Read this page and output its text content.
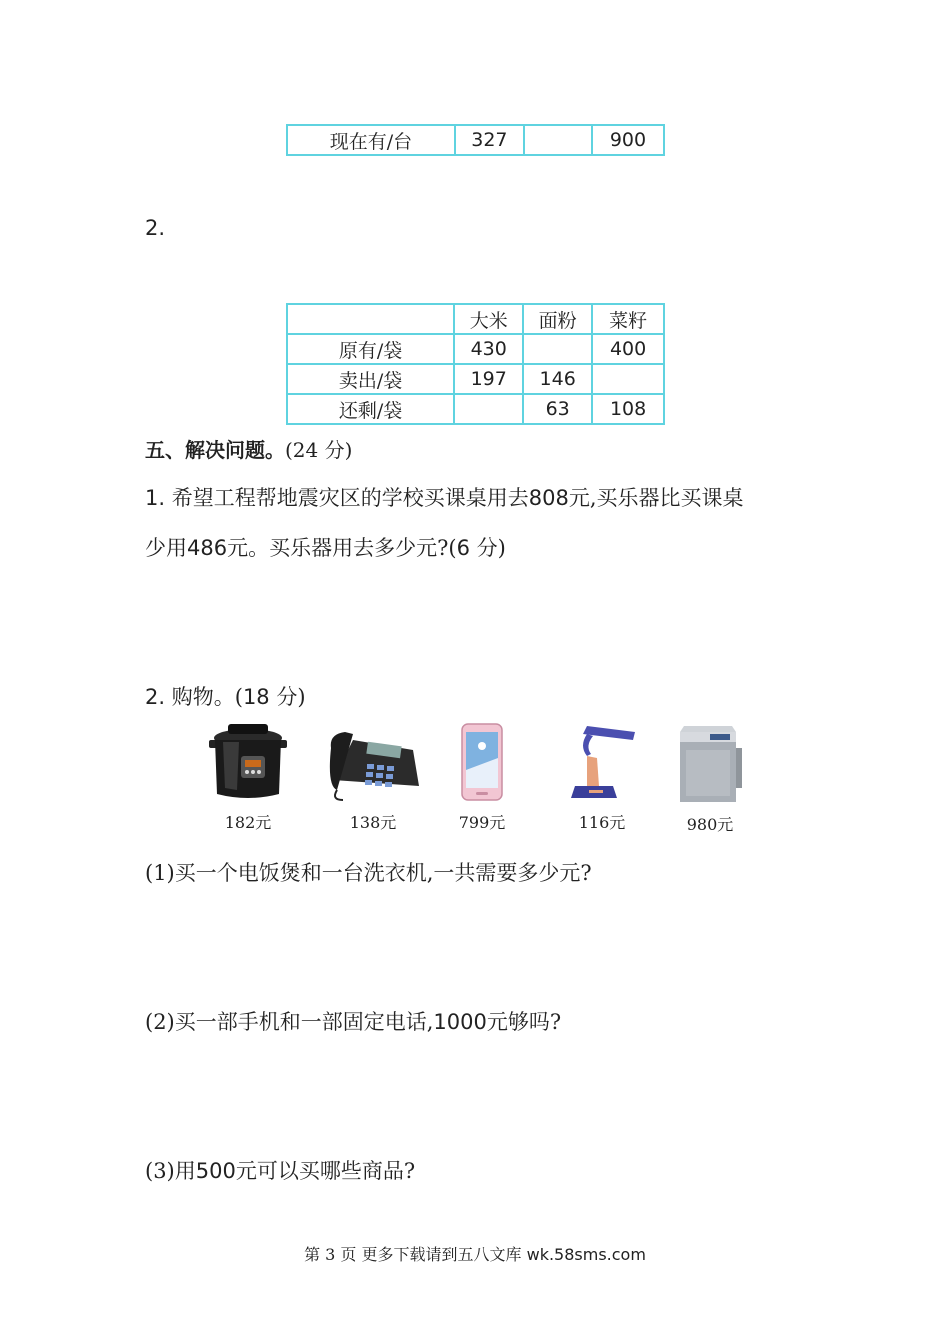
现在有/台	327		900
2.
	大米	面粉	菜籽
原有/袋	430		400
卖出/袋	197	146	
还剩/袋		63	108
五、解决问题。(24 分)
1. 希望工程帮地震灾区的学校买课桌用去808元,买乐器比买课桌
少用486元。买乐器用去多少元?(6 分)
2. 购物。(18 分)
182元	138元	799元	116元	980元
(1)买一个电饭煲和一台洗衣机,一共需要多少元?
(2)买一部手机和一部固定电话,1000元够吗?
(3)用500元可以买哪些商品?
第 3 页 更多下载请到五八文库 wk.58sms.com
